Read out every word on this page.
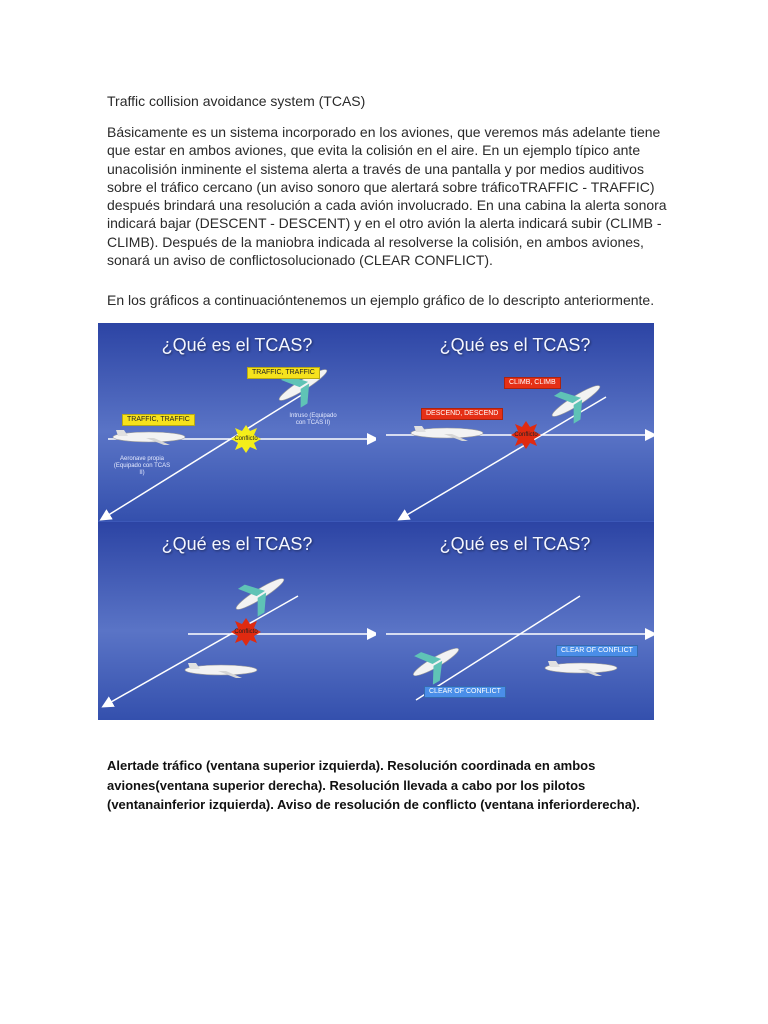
Traffic collision avoidance system (TCAS)
Básicamente es un sistema incorporado en los aviones, que veremos más adelante tiene que estar en ambos aviones, que evita la colisión en el aire. En un ejemplo típico ante unacolisión inminente el sistema alerta a través de una pantalla y por medios auditivos sobre el tráfico cercano (un aviso sonoro que alertará sobre tráficoTRAFFIC - TRAFFIC) después brindará una resolución a cada avión involucrado. En una cabina la alerta sonora indicará bajar (DESCENT - DESCENT) y en el otro avión la alerta indicará subir (CLIMB - CLIMB). Después de la maniobra indicada al resolverse la colisión, en ambos aviones, sonará un aviso de conflictosolucionado (CLEAR CONFLICT).
En los gráficos a continuacióntenemos un ejemplo gráfico de lo descripto anteriormente.
¿Qué es el TCAS?
TRAFFIC, TRAFFIC
TRAFFIC, TRAFFIC
Conflicto
Aeronave propia (Equipado con TCAS II)
Intruso (Equipado con TCAS II)
¿Qué es el TCAS?
CLIMB, CLIMB
DESCEND, DESCEND
Conflicto
¿Qué es el TCAS?
Conflicto
¿Qué es el TCAS?
CLEAR OF CONFLICT
CLEAR OF CONFLICT
Alertade tráfico (ventana superior izquierda). Resolución coordinada en ambos aviones(ventana superior derecha). Resolución llevada a cabo por los pilotos (ventanainferior izquierda). Aviso de resolución de conflicto (ventana inferiorderecha).
